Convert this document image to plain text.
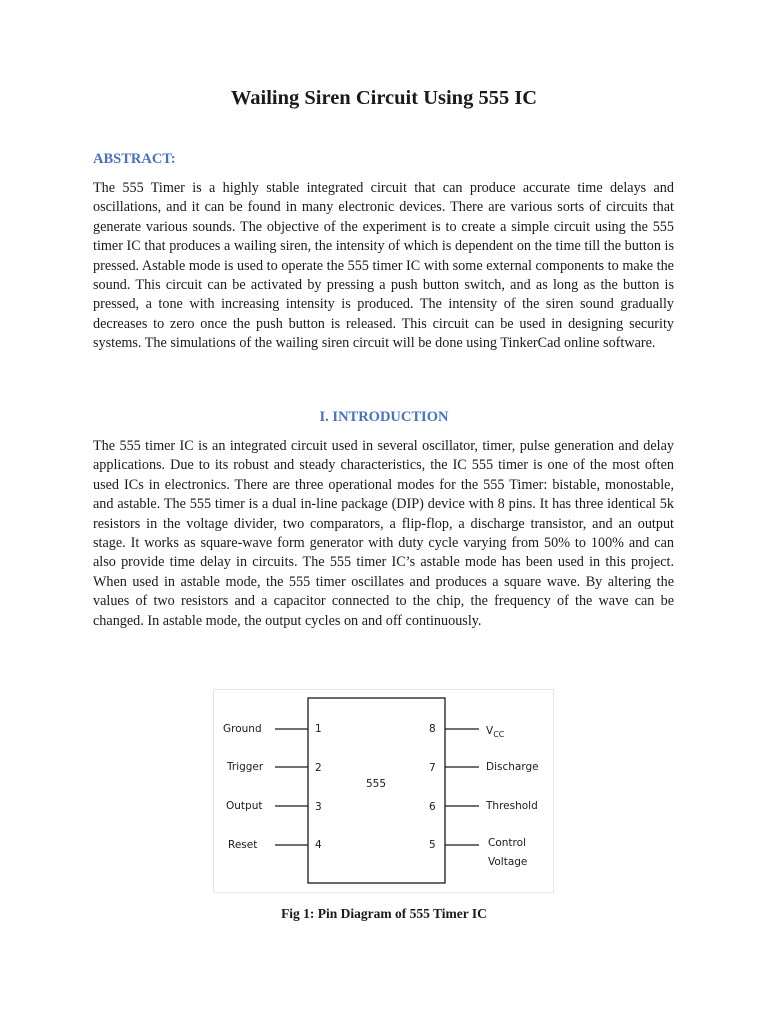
Wailing Siren Circuit Using 555 IC
ABSTRACT:

The 555 Timer is a highly stable integrated circuit that can produce accurate time delays and oscillations, and it can be found in many electronic devices. There are various sorts of circuits that generate various sounds. The objective of the experiment is to create a simple circuit using the 555 timer IC that produces a wailing siren, the intensity of which is dependent on the time till the button is pressed. Astable mode is used to operate the 555 timer IC with some external components to make the sound. This circuit can be activated by pressing a push button switch, and as long as the button is pressed, a tone with increasing intensity is produced. The intensity of the siren sound gradually decreases to zero once the push button is released. This circuit can be used in designing security systems. The simulations of the wailing siren circuit will be done using TinkerCad online software.

I. INTRODUCTION

The 555 timer IC is an integrated circuit used in several oscillator, timer, pulse generation and delay applications. Due to its robust and steady characteristics, the IC 555 timer is one of the most often used ICs in electronics. There are three operational modes for the 555 Timer: bistable, monostable, and astable. The 555 timer is a dual in-line package (DIP) device with 8 pins. It has three identical 5k resistors in the voltage divider, two comparators, a flip-flop, a discharge transistor, and an output stage. It works as square-wave form generator with duty cycle varying from 50% to 100% and can also provide time delay in circuits. The 555 timer IC’s astable mode has been used in this project. When used in astable mode, the 555 timer oscillates and produces a square wave. By altering the values of two resistors and a capacitor connected to the chip, the frequency of the wave can be changed. In astable mode, the output cycles on and off continuously.

555
Ground	1
Trigger	2
Output	3
Reset	4
8	$V_{CC}$
7	Discharge
6	Threshold
5	Control
Voltage

Fig 1: Pin Diagram of 555 Timer IC
